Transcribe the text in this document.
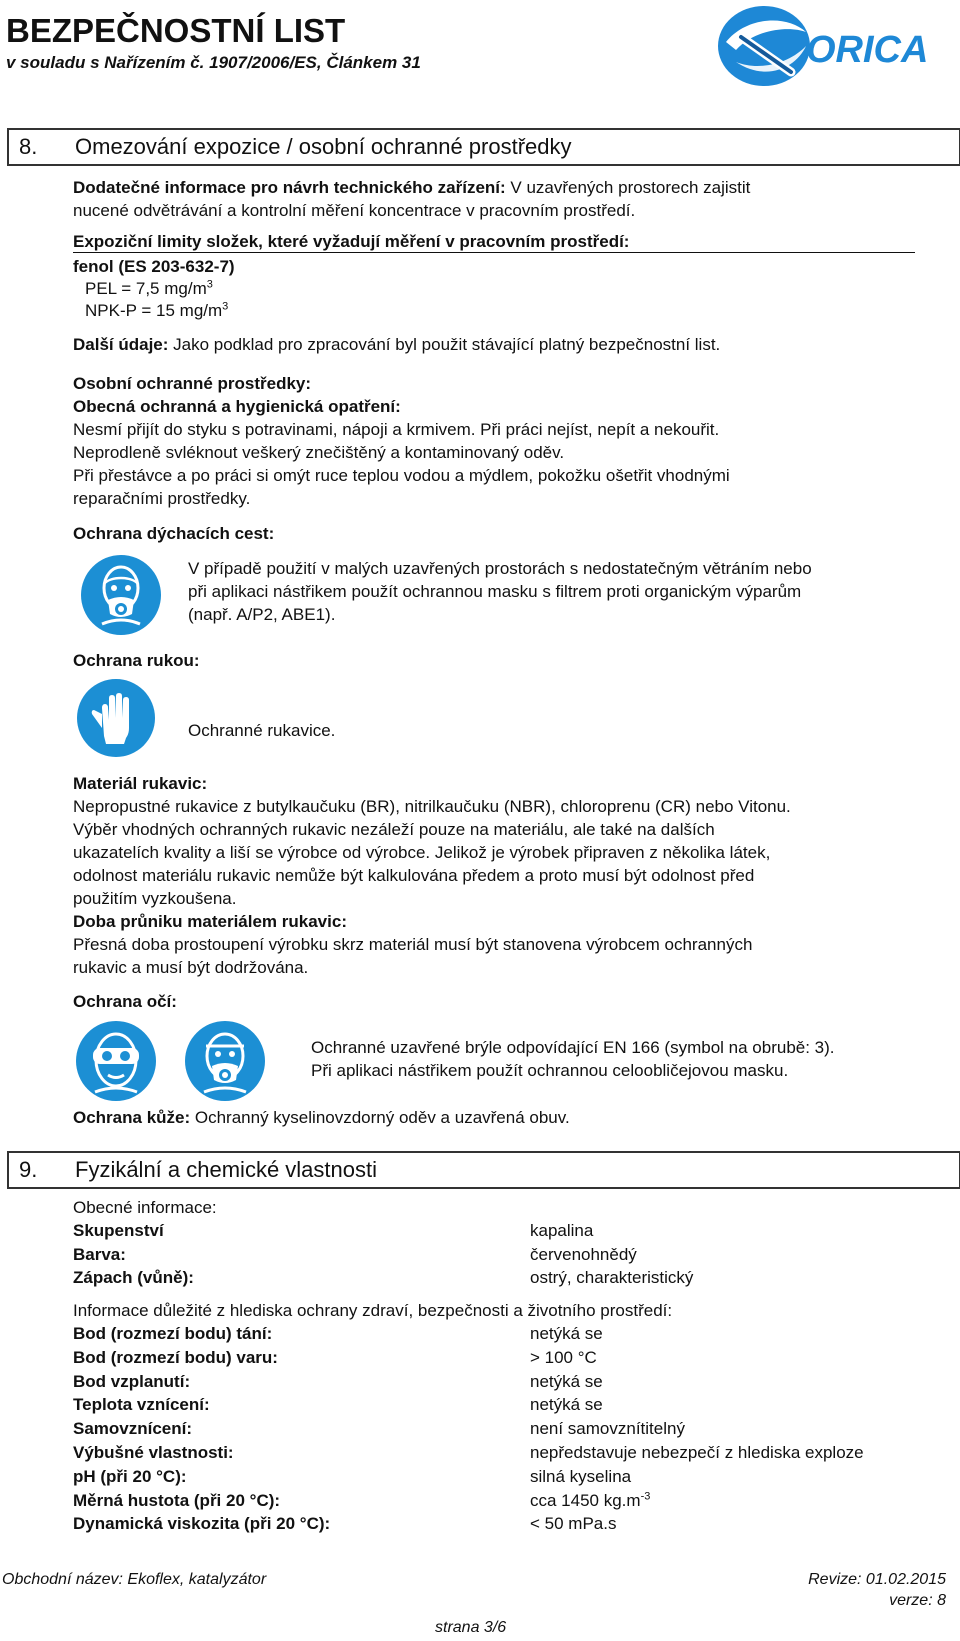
BEZPEČNOSTNÍ LIST
v souladu s Nařízením č. 1907/2006/ES, Článkem 31	ORICA
8. Omezování expozice / osobní ochranné prostředky
Dodatečné informace pro návrh technického zařízení: V uzavřených prostorech zajistit
nucené odvětrávání a kontrolní měření koncentrace v pracovním prostředí.
Expoziční limity složek, které vyžadují měření v pracovním prostředí:
fenol (ES 203-632-7)
PEL = 7,5 $mg/m^3$
NPK-P = 15 $mg/m^3$
Další údaje: Jako podklad pro zpracování byl použit stávající platný bezpečnostní list.
Osobní ochranné prostředky:
Obecná ochranná a hygienická opatření:
Nesmí přijít do styku s potravinami, nápoji a krmivem. Při práci nejíst, nepít a nekouřit.
Neprodleně svléknout veškerý znečištěný a kontaminovaný oděv.
Při přestávce a po práci si omýt ruce teplou vodou a mýdlem, pokožku ošetřit vhodnými
reparačními prostředky.
Ochrana dýchacích cest:
V případě použití v malých uzavřených prostorách s nedostatečným větráním nebo
při aplikaci nástřikem použít ochrannou masku s filtrem proti organickým výparům
(např. A/P2, ABE1).
Ochrana rukou:
Ochranné rukavice.
Materiál rukavic:
Nepropustné rukavice z butylkaučuku (BR), nitrilkaučuku (NBR), chloroprenu (CR) nebo Vitonu.
Výběr vhodných ochranných rukavic nezáleží pouze na materiálu, ale také na dalších
ukazatelích kvality a liší se výrobce od výrobce. Jelikož je výrobek připraven z několika látek,
odolnost materiálu rukavic nemůže být kalkulována předem a proto musí být odolnost před
použitím vyzkoušena.
Doba průniku materiálem rukavic:
Přesná doba prostoupení výrobku skrz materiál musí být stanovena výrobcem ochranných
rukavic a musí být dodržována.
Ochrana očí:
Ochranné uzavřené brýle odpovídající EN 166 (symbol na obrubě: 3).
Při aplikaci nástřikem použít ochrannou celoobličejovou masku.
Ochrana kůže: Ochranný kyselinovzdorný oděv a uzavřená obuv.
9. Fyzikální a chemické vlastnosti
Obecné informace:
Skupenství	kapalina
Barva:	červenohnědý
Zápach (vůně):	ostrý, charakteristický
Informace důležité z hlediska ochrany zdraví, bezpečnosti a životního prostředí:
Bod (rozmezí bodu) tání:	netýká se
Bod (rozmezí bodu) varu:	> 100 °C
Bod vzplanutí:	netýká se
Teplota vznícení:	netýká se
Samovznícení:	není samovznítitelný
Výbušné vlastnosti:	nepředstavuje nebezpečí z hlediska exploze
pH (při 20 °C):	silná kyselina
Měrná hustota (při 20 °C):	cca 1450 $kg.m^{-3}$
Dynamická viskozita (při 20 °C):	< 50 mPa.s
Obchodní název: Ekoflex, katalyzátor	Revize: 01.02.2015
verze: 8
strana 3/6
